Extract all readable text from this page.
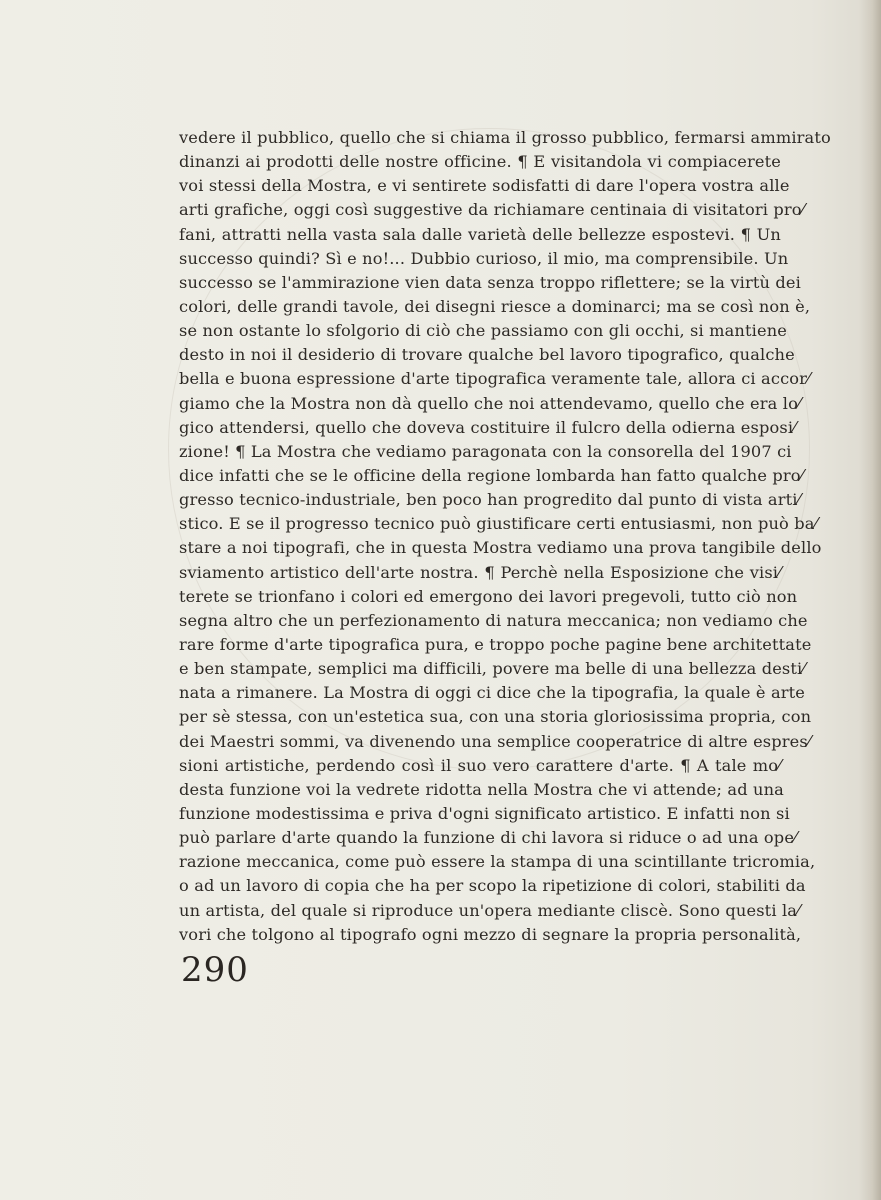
vedere il pubblico, quello che si chiama il grosso pubblico, fermarsi ammirato
dinanzi ai prodotti delle nostre officine. ¶ E visitandola vi compiacerete
voi stessi della Mostra, e vi sentirete sodisfatti di dare l'opera vostra alle
arti grafiche, oggi così suggestive da richiamare centinaia di visitatori pro⁄
fani, attratti nella vasta sala dalle varietà delle bellezze espostevi. ¶ Un
successo quindi? Sì e no!... Dubbio curioso, il mio, ma comprensibile. Un
successo se l'ammirazione vien data senza troppo riflettere; se la virtù dei
colori, delle grandi tavole, dei disegni riesce a dominarci; ma se così non è,
se non ostante lo sfolgorio di ciò che passiamo con gli occhi, si mantiene
desto in noi il desiderio di trovare qualche bel lavoro tipografico, qualche
bella e buona espressione d'arte tipografica veramente tale, allora ci accor⁄
giamo che la Mostra non dà quello che noi attendevamo, quello che era lo⁄
gico attendersi, quello che doveva costituire il fulcro della odierna esposi⁄
zione! ¶ La Mostra che vediamo paragonata con la consorella del 1907 ci
dice infatti che se le officine della regione lombarda han fatto qualche pro⁄
gresso tecnico-industriale, ben poco han progredito dal punto di vista arti⁄
stico. E se il progresso tecnico può giustificare certi entusiasmi, non può ba⁄
stare a noi tipografi, che in questa Mostra vediamo una prova tangibile dello
sviamento artistico dell'arte nostra. ¶ Perchè nella Esposizione che visi⁄
terete se trionfano i colori ed emergono dei lavori pregevoli, tutto ciò non
segna altro che un perfezionamento di natura meccanica; non vediamo che
rare forme d'arte tipografica pura, e troppo poche pagine bene architettate
e ben stampate, semplici ma difficili, povere ma belle di una bellezza desti⁄
nata a rimanere. La Mostra di oggi ci dice che la tipografia, la quale è arte
per sè stessa, con un'estetica sua, con una storia gloriosissima propria, con
dei Maestri sommi, va divenendo una semplice cooperatrice di altre espres⁄
sioni artistiche, perdendo così il suo vero carattere d'arte. ¶ A tale mo⁄
desta funzione voi la vedrete ridotta nella Mostra che vi attende; ad una
funzione modestissima e priva d'ogni significato artistico. E infatti non si
può parlare d'arte quando la funzione di chi lavora si riduce o ad una ope⁄
razione meccanica, come può essere la stampa di una scintillante tricromia,
o ad un lavoro di copia che ha per scopo la ripetizione di colori, stabiliti da
un artista, del quale si riproduce un'opera mediante cliscè. Sono questi la⁄
vori che tolgono al tipografo ogni mezzo di segnare la propria personalità,
290
